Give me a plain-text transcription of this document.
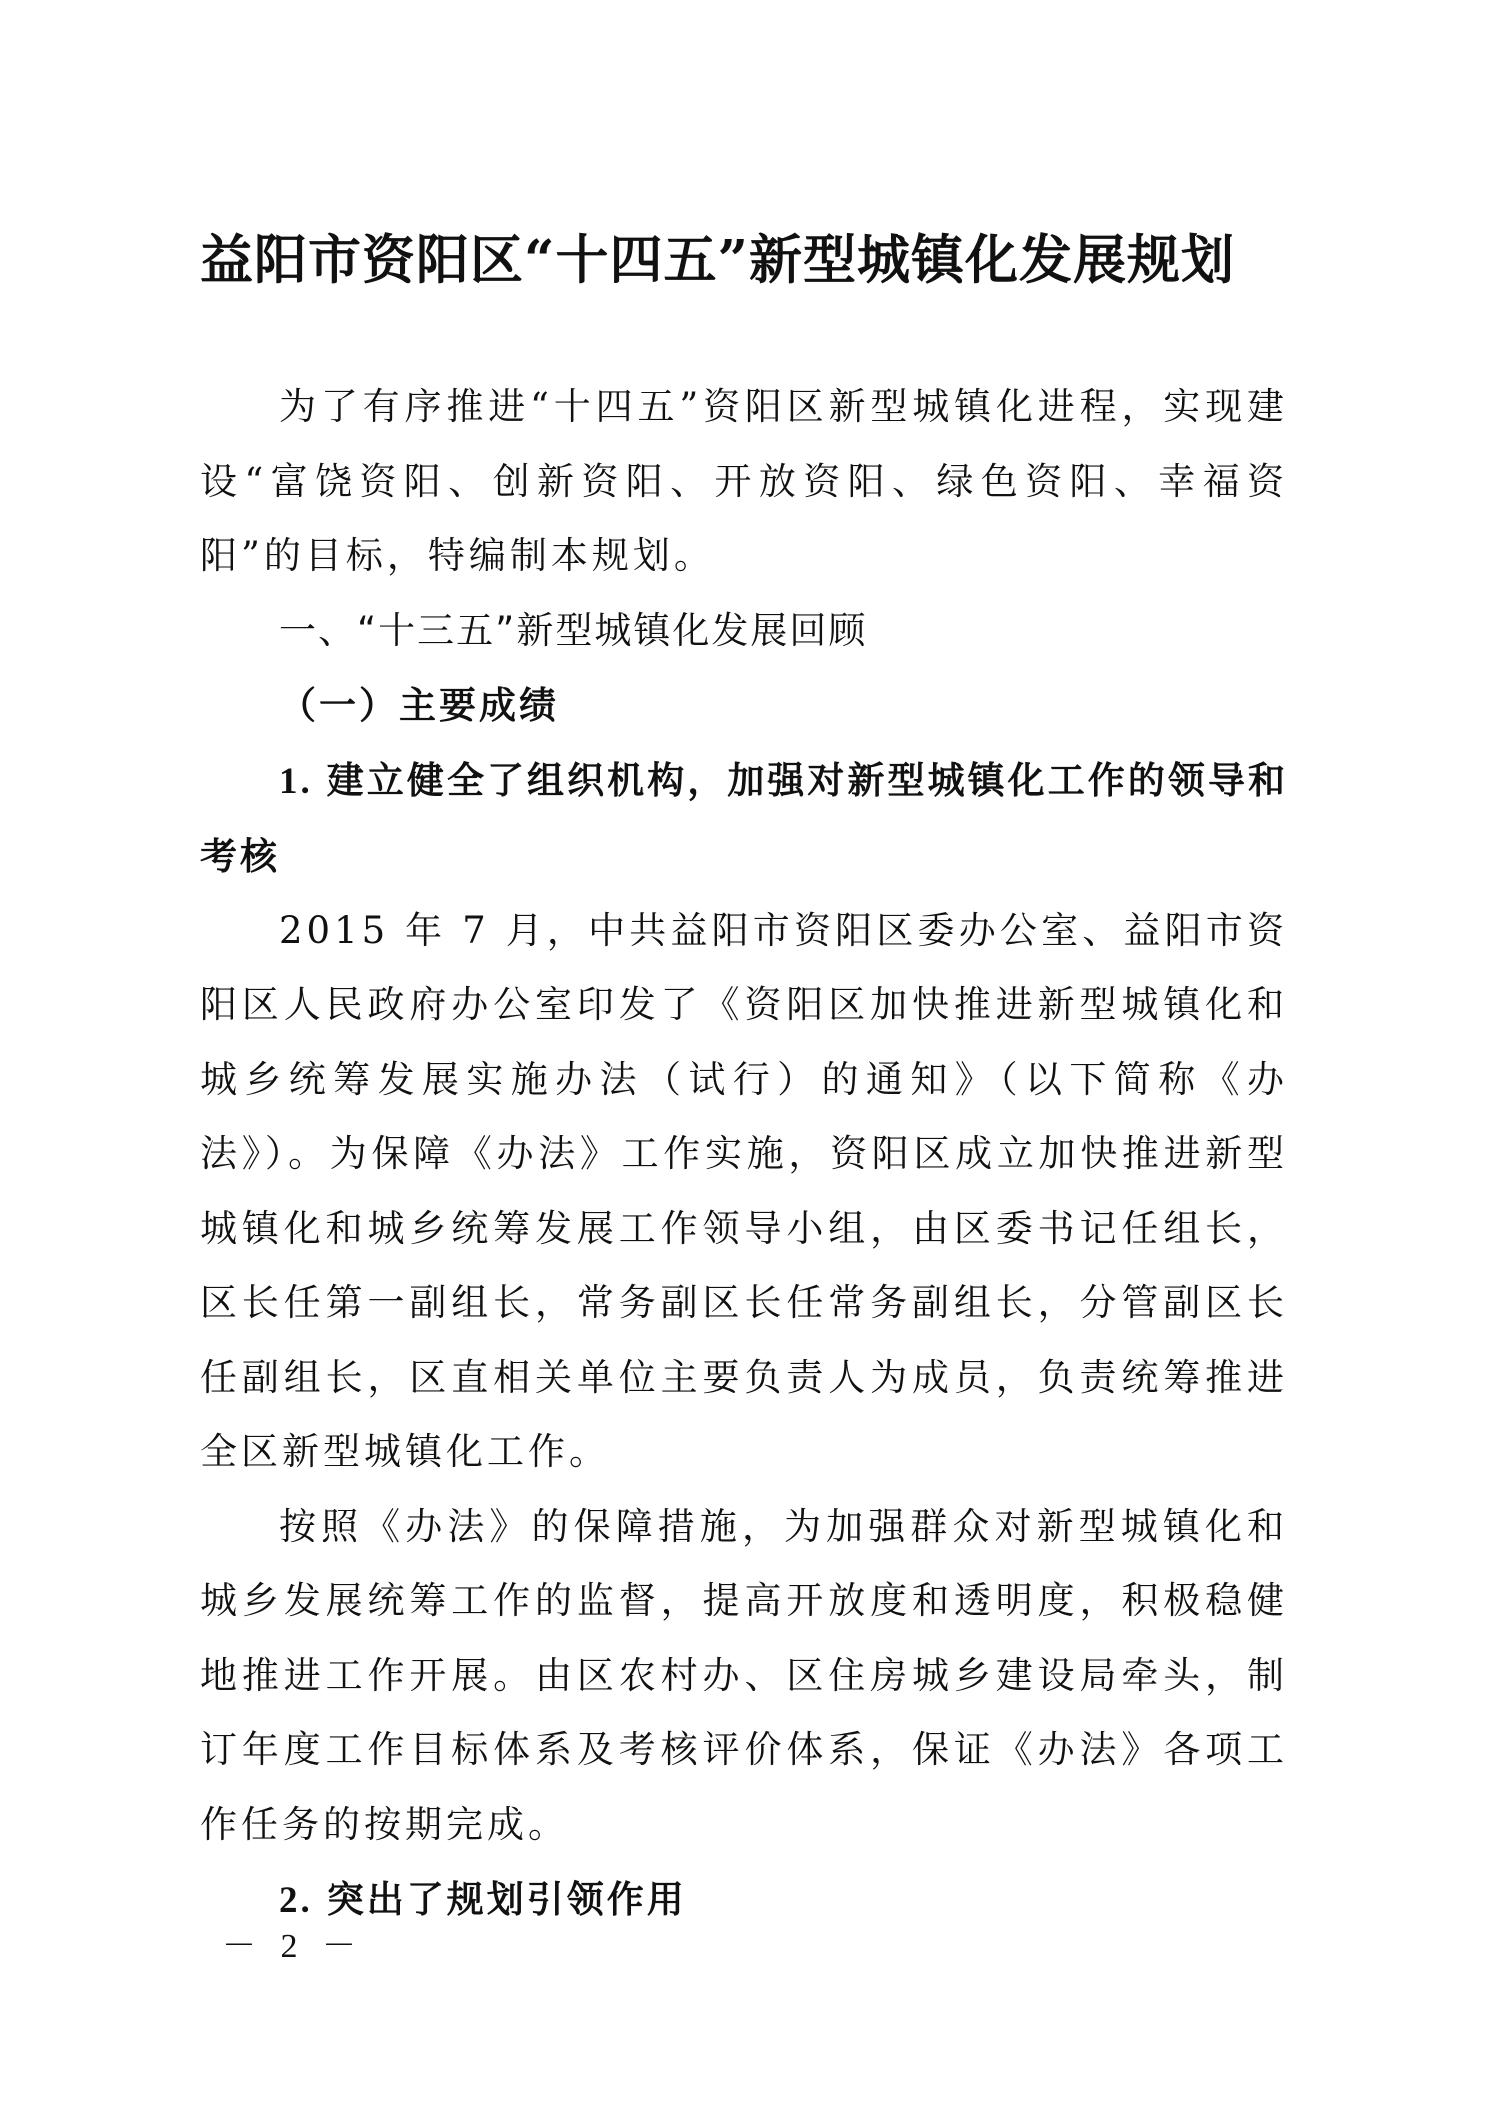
益阳市资阳区“十四五”新型城镇化发展规划

为了有序推进“十四五”资阳区新型城镇化进程，实现建设“富饶资阳、创新资阳、开放资阳、绿色资阳、幸福资阳”的目标，特编制本规划。

一、“十三五”新型城镇化发展回顾

（一）主要成绩

1. 建立健全了组织机构，加强对新型城镇化工作的领导和考核

2015 年 7 月，中共益阳市资阳区委办公室、益阳市资阳区人民政府办公室印发了《资阳区加快推进新型城镇化和城乡统筹发展实施办法（试行）的通知》（以下简称《办法》）。为保障《办法》工作实施，资阳区成立加快推进新型城镇化和城乡统筹发展工作领导小组，由区委书记任组长，区长任第一副组长，常务副区长任常务副组长，分管副区长任副组长，区直相关单位主要负责人为成员，负责统筹推进全区新型城镇化工作。

按照《办法》的保障措施，为加强群众对新型城镇化和城乡发展统筹工作的监督，提高开放度和透明度，积极稳健地推进工作开展。由区农村办、区住房城乡建设局牵头，制订年度工作目标体系及考核评价体系，保证《办法》各项工作任务的按期完成。

2. 突出了规划引领作用

－ 2 －
